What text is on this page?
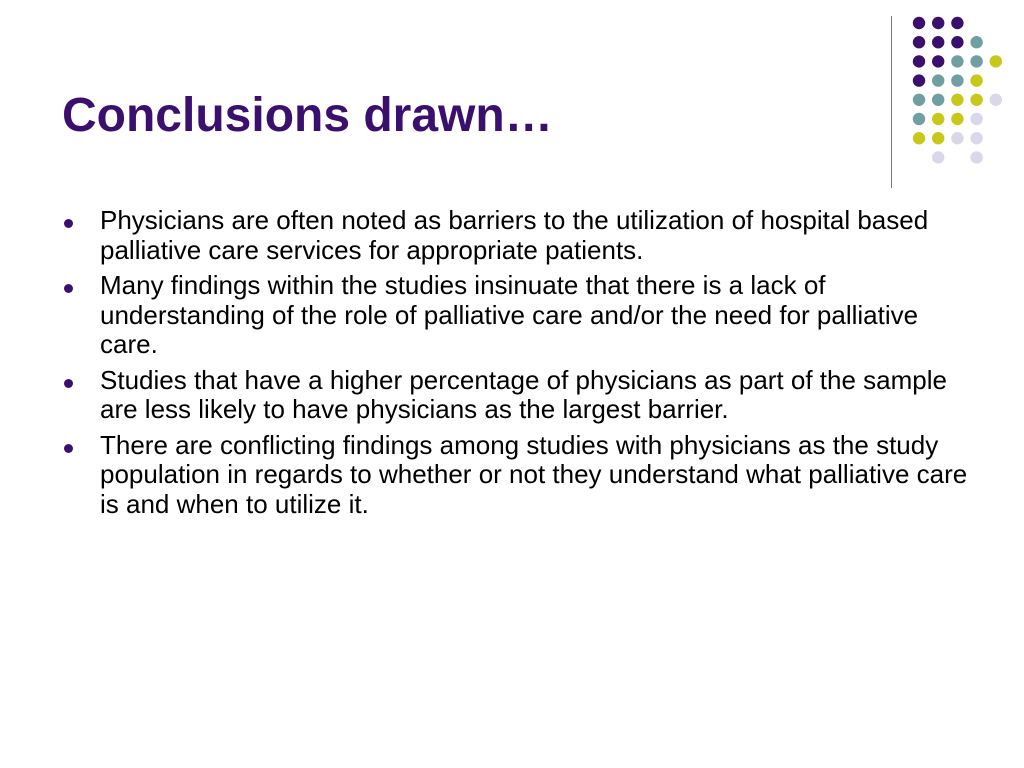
Conclusions drawn…
Physicians are often noted as barriers to the utilization of hospital based palliative care services for appropriate patients.
Many findings within the studies insinuate that there is a lack of understanding of the role of palliative care and/or the need for palliative care.
Studies that have a higher percentage of physicians as part of the sample are less likely to have physicians as the largest barrier.
There are conflicting findings among studies with physicians as the study population in regards to whether or not they understand what palliative care is and when to utilize it.
